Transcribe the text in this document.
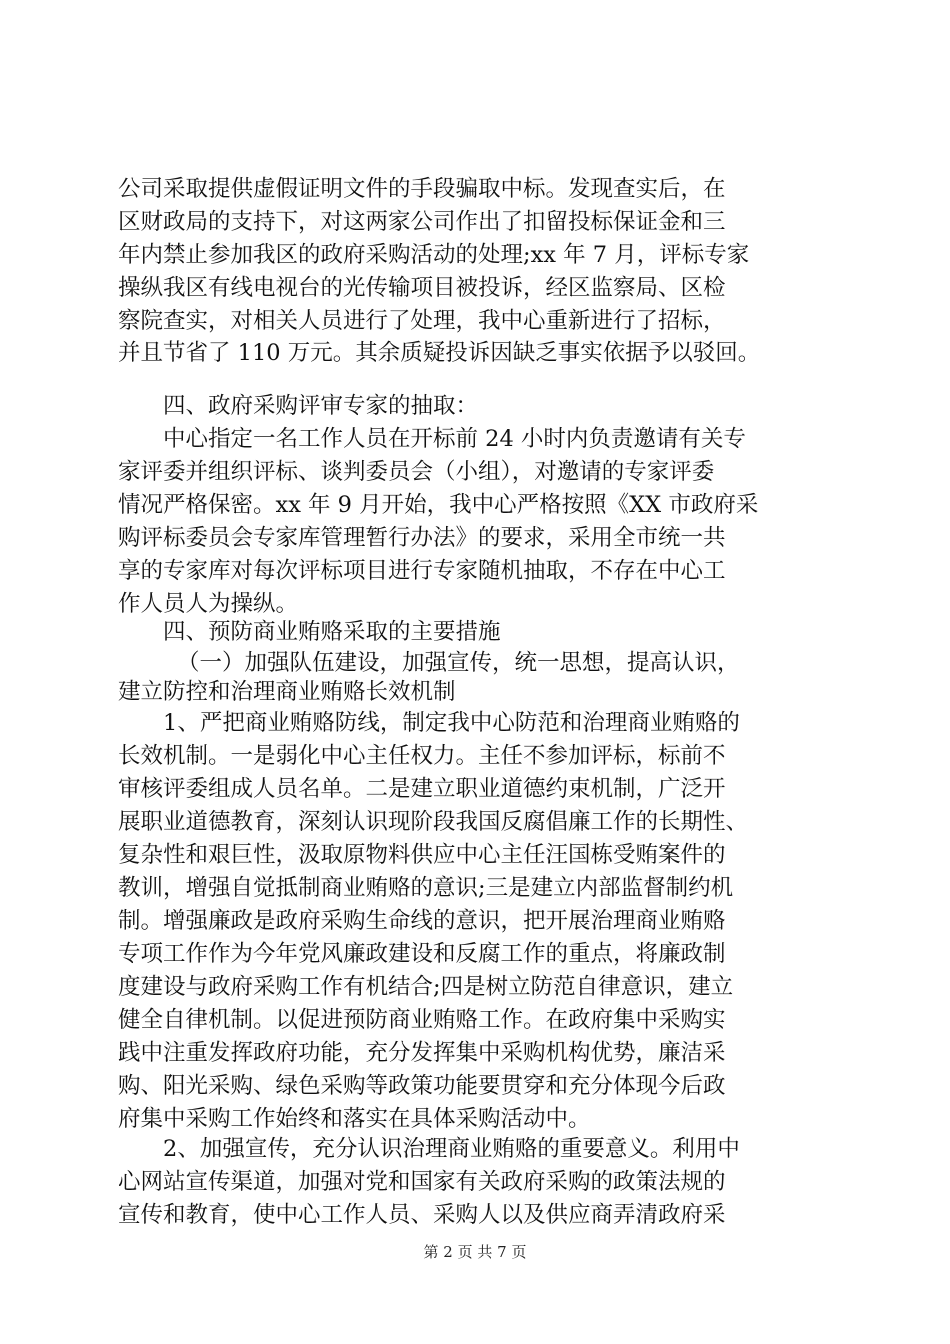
公司采取提供虚假证明文件的手段骗取中标。发现查实后，在
区财政局的支持下，对这两家公司作出了扣留投标保证金和三
年内禁止参加我区的政府采购活动的处理;xx 年 7 月，评标专家
操纵我区有线电视台的光传输项目被投诉，经区监察局、区检
察院查实，对相关人员进行了处理，我中心重新进行了招标，
并且节省了 110 万元。其余质疑投诉因缺乏事实依据予以驳回。
四、政府采购评审专家的抽取：
中心指定一名工作人员在开标前 24 小时内负责邀请有关专
家评委并组织评标、谈判委员会（小组），对邀请的专家评委
情况严格保密。xx 年 9 月开始，我中心严格按照《XX 市政府采
购评标委员会专家库管理暂行办法》的要求，采用全市统一共
享的专家库对每次评标项目进行专家随机抽取，不存在中心工
作人员人为操纵。
四、预防商业贿赂采取的主要措施
（一）加强队伍建设，加强宣传，统一思想，提高认识，
建立防控和治理商业贿赂长效机制
1、严把商业贿赂防线，制定我中心防范和治理商业贿赂的
长效机制。一是弱化中心主任权力。主任不参加评标，标前不
审核评委组成人员名单。二是建立职业道德约束机制，广泛开
展职业道德教育，深刻认识现阶段我国反腐倡廉工作的长期性、
复杂性和艰巨性，汲取原物料供应中心主任汪国栋受贿案件的
教训，增强自觉抵制商业贿赂的意识;三是建立内部监督制约机
制。增强廉政是政府采购生命线的意识，把开展治理商业贿赂
专项工作作为今年党风廉政建设和反腐工作的重点，将廉政制
度建设与政府采购工作有机结合;四是树立防范自律意识，建立
健全自律机制。以促进预防商业贿赂工作。在政府集中采购实
践中注重发挥政府功能，充分发挥集中采购机构优势，廉洁采
购、阳光采购、绿色采购等政策功能要贯穿和充分体现今后政
府集中采购工作始终和落实在具体采购活动中。
2、加强宣传，充分认识治理商业贿赂的重要意义。利用中
心网站宣传渠道，加强对党和国家有关政府采购的政策法规的
宣传和教育，使中心工作人员、采购人以及供应商弄清政府采
第 2 页 共 7 页
